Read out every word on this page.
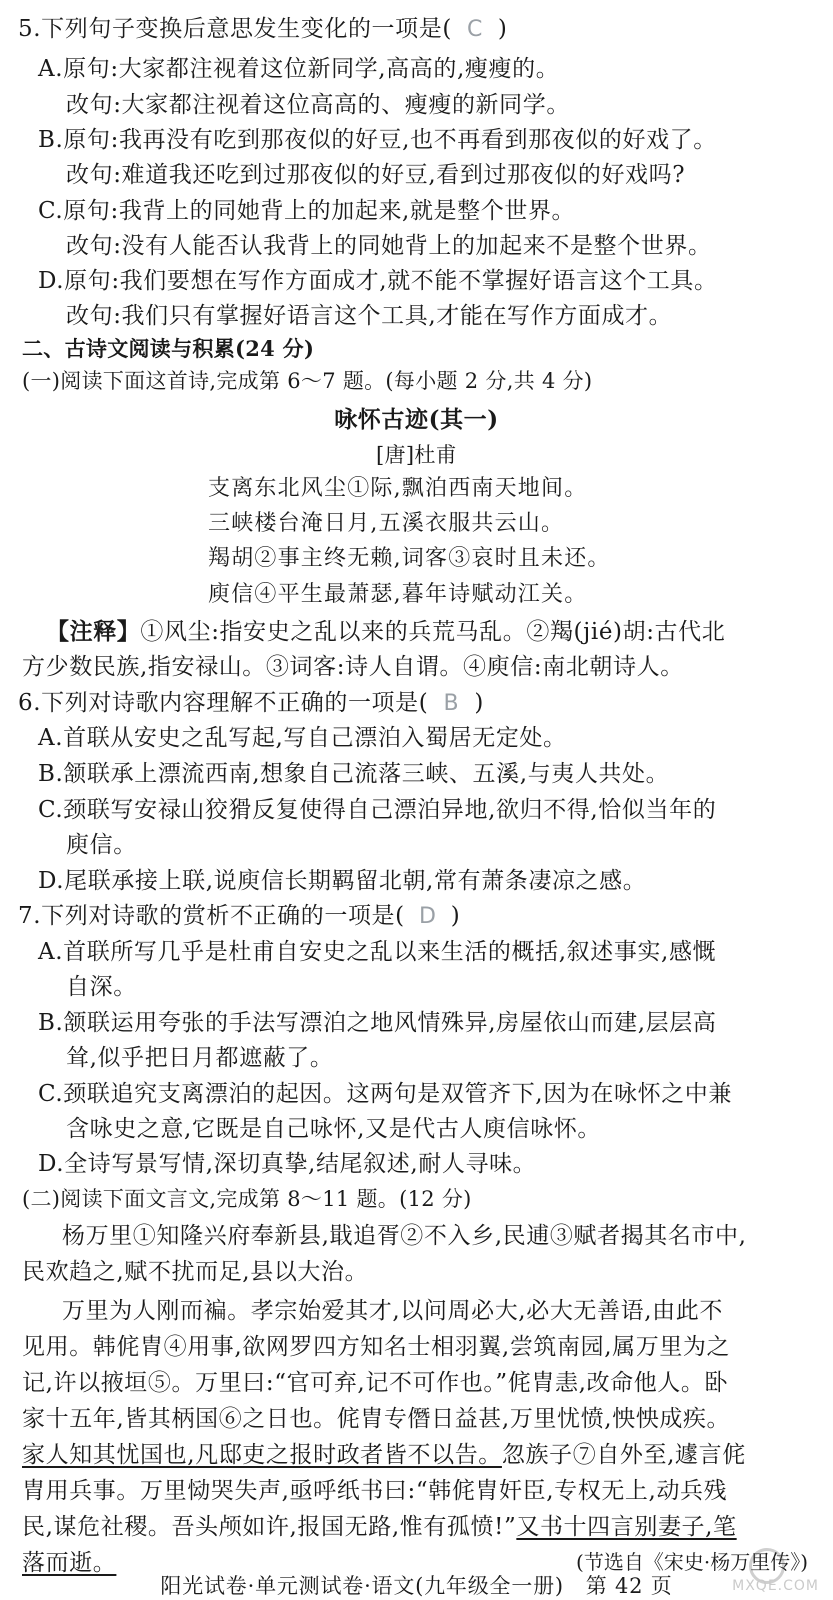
5.下列句子变换后意思发生变化的一项是( C )
A.原句:大家都注视着这位新同学,高高的,瘦瘦的。
改句:大家都注视着这位高高的、瘦瘦的新同学。
B.原句:我再没有吃到那夜似的好豆,也不再看到那夜似的好戏了。
改句:难道我还吃到过那夜似的好豆,看到过那夜似的好戏吗?
C.原句:我背上的同她背上的加起来,就是整个世界。
改句:没有人能否认我背上的同她背上的加起来不是整个世界。
D.原句:我们要想在写作方面成才,就不能不掌握好语言这个工具。
改句:我们只有掌握好语言这个工具,才能在写作方面成才。
二、古诗文阅读与积累(24 分)
(一)阅读下面这首诗,完成第 6～7 题。(每小题 2 分,共 4 分)
咏怀古迹(其一)
[唐]杜甫
支离东北风尘①际,飘泊西南天地间。
三峡楼台淹日月,五溪衣服共云山。
羯胡②事主终无赖,词客③哀时且未还。
庾信④平生最萧瑟,暮年诗赋动江关。
【注释】①风尘:指安史之乱以来的兵荒马乱。②羯(jié)胡:古代北
方少数民族,指安禄山。③词客:诗人自谓。④庾信:南北朝诗人。
6.下列对诗歌内容理解不正确的一项是( B )
A.首联从安史之乱写起,写自己漂泊入蜀居无定处。
B.颔联承上漂流西南,想象自己流落三峡、五溪,与夷人共处。
C.颈联写安禄山狡猾反复使得自己漂泊异地,欲归不得,恰似当年的
庾信。
D.尾联承接上联,说庾信长期羁留北朝,常有萧条凄凉之感。
7.下列对诗歌的赏析不正确的一项是( D )
A.首联所写几乎是杜甫自安史之乱以来生活的概括,叙述事实,感慨
自深。
B.颔联运用夸张的手法写漂泊之地风情殊异,房屋依山而建,层层高
耸,似乎把日月都遮蔽了。
C.颈联追究支离漂泊的起因。这两句是双管齐下,因为在咏怀之中兼
含咏史之意,它既是自己咏怀,又是代古人庾信咏怀。
D.全诗写景写情,深切真挚,结尾叙述,耐人寻味。
(二)阅读下面文言文,完成第 8～11 题。(12 分)
杨万里①知隆兴府奉新县,戢追胥②不入乡,民逋③赋者揭其名市中,
民欢趋之,赋不扰而足,县以大治。
万里为人刚而褊。孝宗始爱其才,以问周必大,必大无善语,由此不
见用。韩侂胄④用事,欲网罗四方知名士相羽翼,尝筑南园,属万里为之
记,许以掖垣⑤。万里曰:“官可弃,记不可作也。”侂胄恚,改命他人。卧
家十五年,皆其柄国⑥之日也。侂胄专僭日益甚,万里忧愤,怏怏成疾。
家人知其忧国也,凡邸吏之报时政者皆不以告。忽族子⑦自外至,遽言侂
胄用兵事。万里恸哭失声,亟呼纸书曰:“韩侂胄奸臣,专权无上,动兵残
民,谋危社稷。吾头颅如许,报国无路,惟有孤愤!”又书十四言别妻子,笔
落而逝。	(节选自《宋史·杨万里传》)
阳光试卷·单元测试卷·语文(九年级全一册)　第 42 页	MXQE.COM
